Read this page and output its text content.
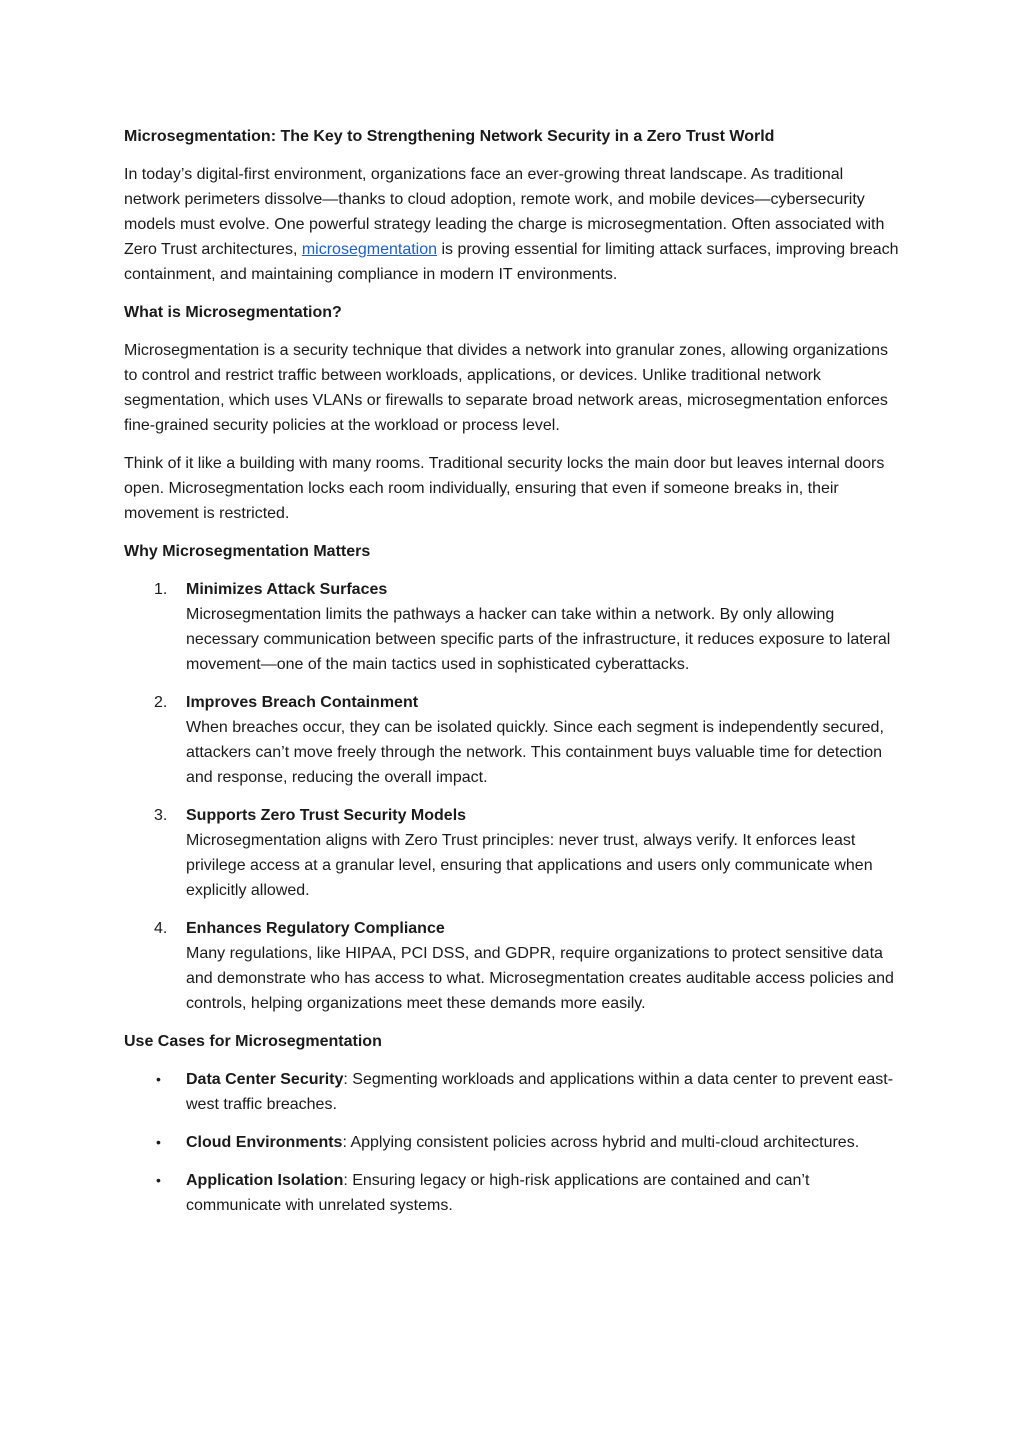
Microsegmentation: The Key to Strengthening Network Security in a Zero Trust World

In today’s digital-first environment, organizations face an ever-growing threat landscape. As traditional network perimeters dissolve—thanks to cloud adoption, remote work, and mobile devices—cybersecurity models must evolve. One powerful strategy leading the charge is microsegmentation. Often associated with Zero Trust architectures, microsegmentation is proving essential for limiting attack surfaces, improving breach containment, and maintaining compliance in modern IT environments.

What is Microsegmentation?

Microsegmentation is a security technique that divides a network into granular zones, allowing organizations to control and restrict traffic between workloads, applications, or devices. Unlike traditional network segmentation, which uses VLANs or firewalls to separate broad network areas, microsegmentation enforces fine-grained security policies at the workload or process level.

Think of it like a building with many rooms. Traditional security locks the main door but leaves internal doors open. Microsegmentation locks each room individually, ensuring that even if someone breaks in, their movement is restricted.

Why Microsegmentation Matters
1.	Minimizes Attack Surfaces
Microsegmentation limits the pathways a hacker can take within a network. By only allowing necessary communication between specific parts of the infrastructure, it reduces exposure to lateral movement—one of the main tactics used in sophisticated cyberattacks.
2.	Improves Breach Containment
When breaches occur, they can be isolated quickly. Since each segment is independently secured, attackers can’t move freely through the network. This containment buys valuable time for detection and response, reducing the overall impact.
3.	Supports Zero Trust Security Models
Microsegmentation aligns with Zero Trust principles: never trust, always verify. It enforces least privilege access at a granular level, ensuring that applications and users only communicate when explicitly allowed.
4.	Enhances Regulatory Compliance
Many regulations, like HIPAA, PCI DSS, and GDPR, require organizations to protect sensitive data and demonstrate who has access to what. Microsegmentation creates auditable access policies and controls, helping organizations meet these demands more easily.
Use Cases for Microsegmentation
•	Data Center Security: Segmenting workloads and applications within a data center to prevent east-west traffic breaches.
•	Cloud Environments: Applying consistent policies across hybrid and multi-cloud architectures.
•	Application Isolation: Ensuring legacy or high-risk applications are contained and can’t communicate with unrelated systems.
